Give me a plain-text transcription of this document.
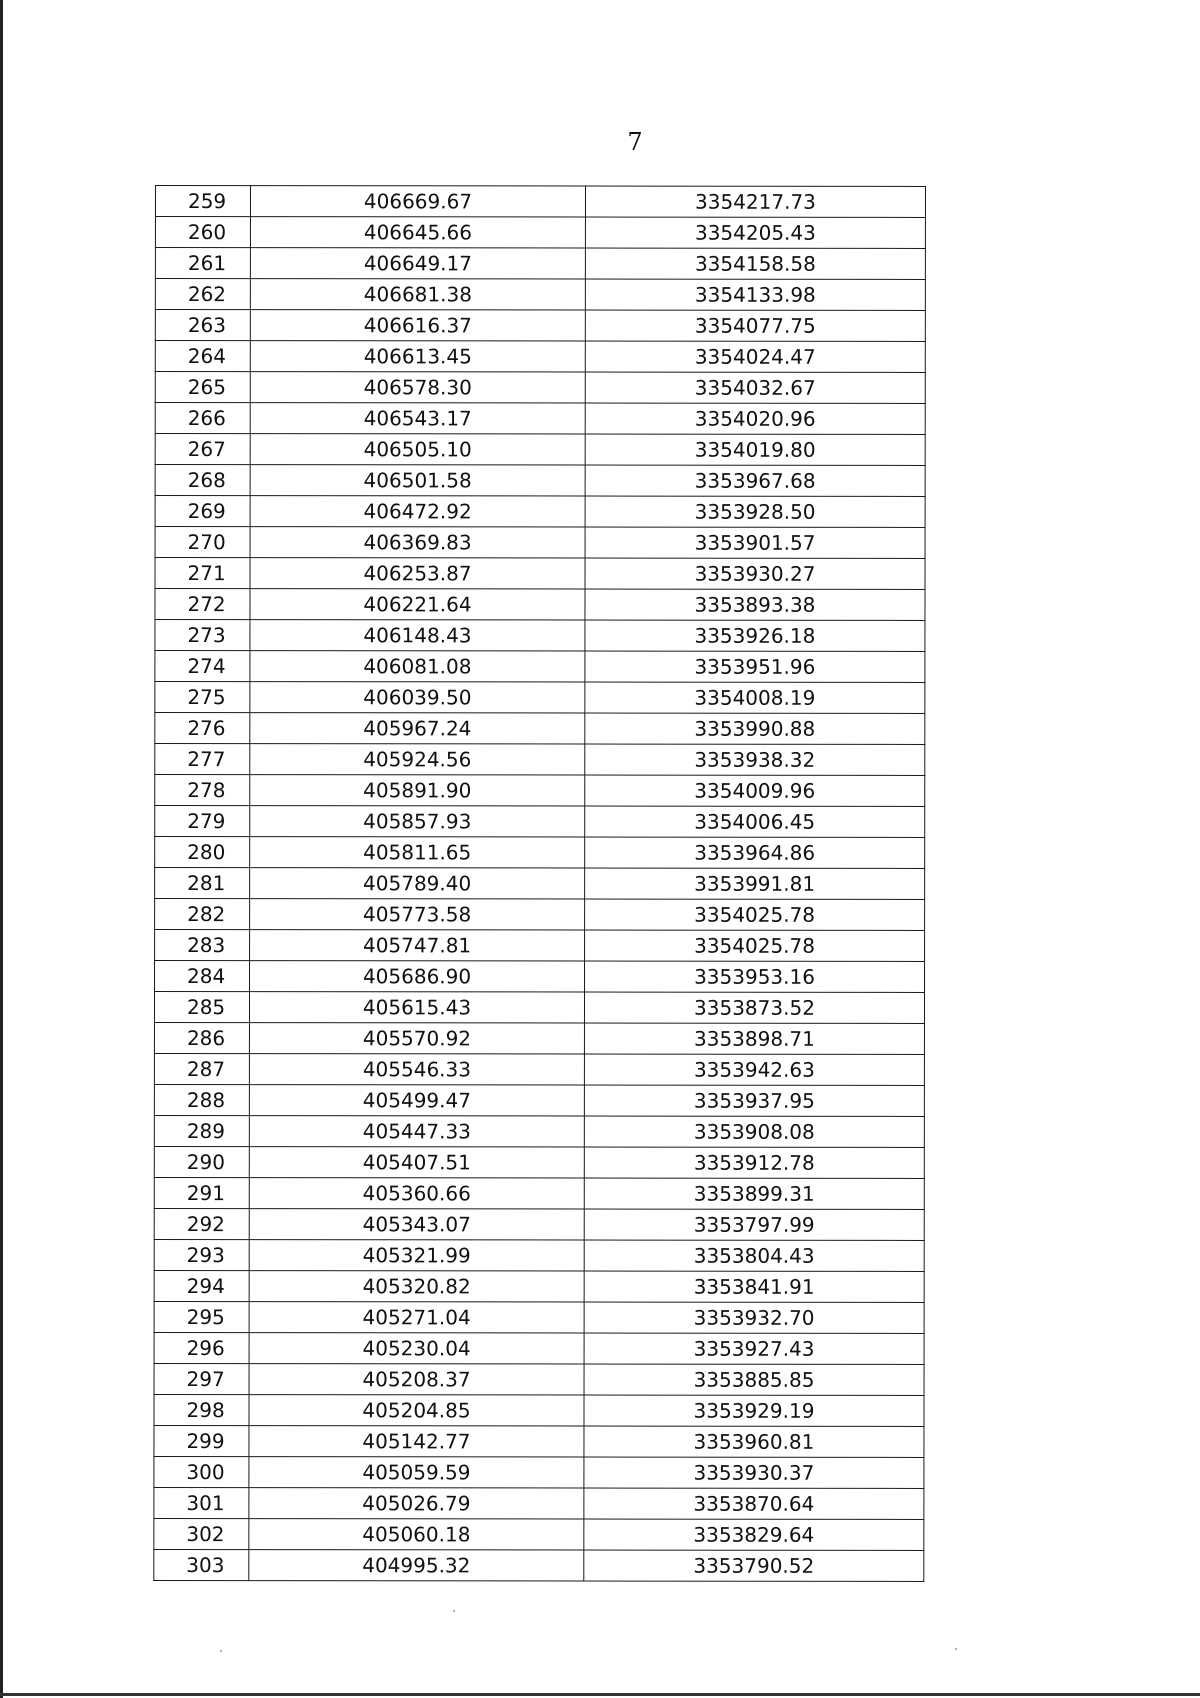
7
259	406669.67	3354217.73
260	406645.66	3354205.43
261	406649.17	3354158.58
262	406681.38	3354133.98
263	406616.37	3354077.75
264	406613.45	3354024.47
265	406578.30	3354032.67
266	406543.17	3354020.96
267	406505.10	3354019.80
268	406501.58	3353967.68
269	406472.92	3353928.50
270	406369.83	3353901.57
271	406253.87	3353930.27
272	406221.64	3353893.38
273	406148.43	3353926.18
274	406081.08	3353951.96
275	406039.50	3354008.19
276	405967.24	3353990.88
277	405924.56	3353938.32
278	405891.90	3354009.96
279	405857.93	3354006.45
280	405811.65	3353964.86
281	405789.40	3353991.81
282	405773.58	3354025.78
283	405747.81	3354025.78
284	405686.90	3353953.16
285	405615.43	3353873.52
286	405570.92	3353898.71
287	405546.33	3353942.63
288	405499.47	3353937.95
289	405447.33	3353908.08
290	405407.51	3353912.78
291	405360.66	3353899.31
292	405343.07	3353797.99
293	405321.99	3353804.43
294	405320.82	3353841.91
295	405271.04	3353932.70
296	405230.04	3353927.43
297	405208.37	3353885.85
298	405204.85	3353929.19
299	405142.77	3353960.81
300	405059.59	3353930.37
301	405026.79	3353870.64
302	405060.18	3353829.64
303	404995.32	3353790.52
